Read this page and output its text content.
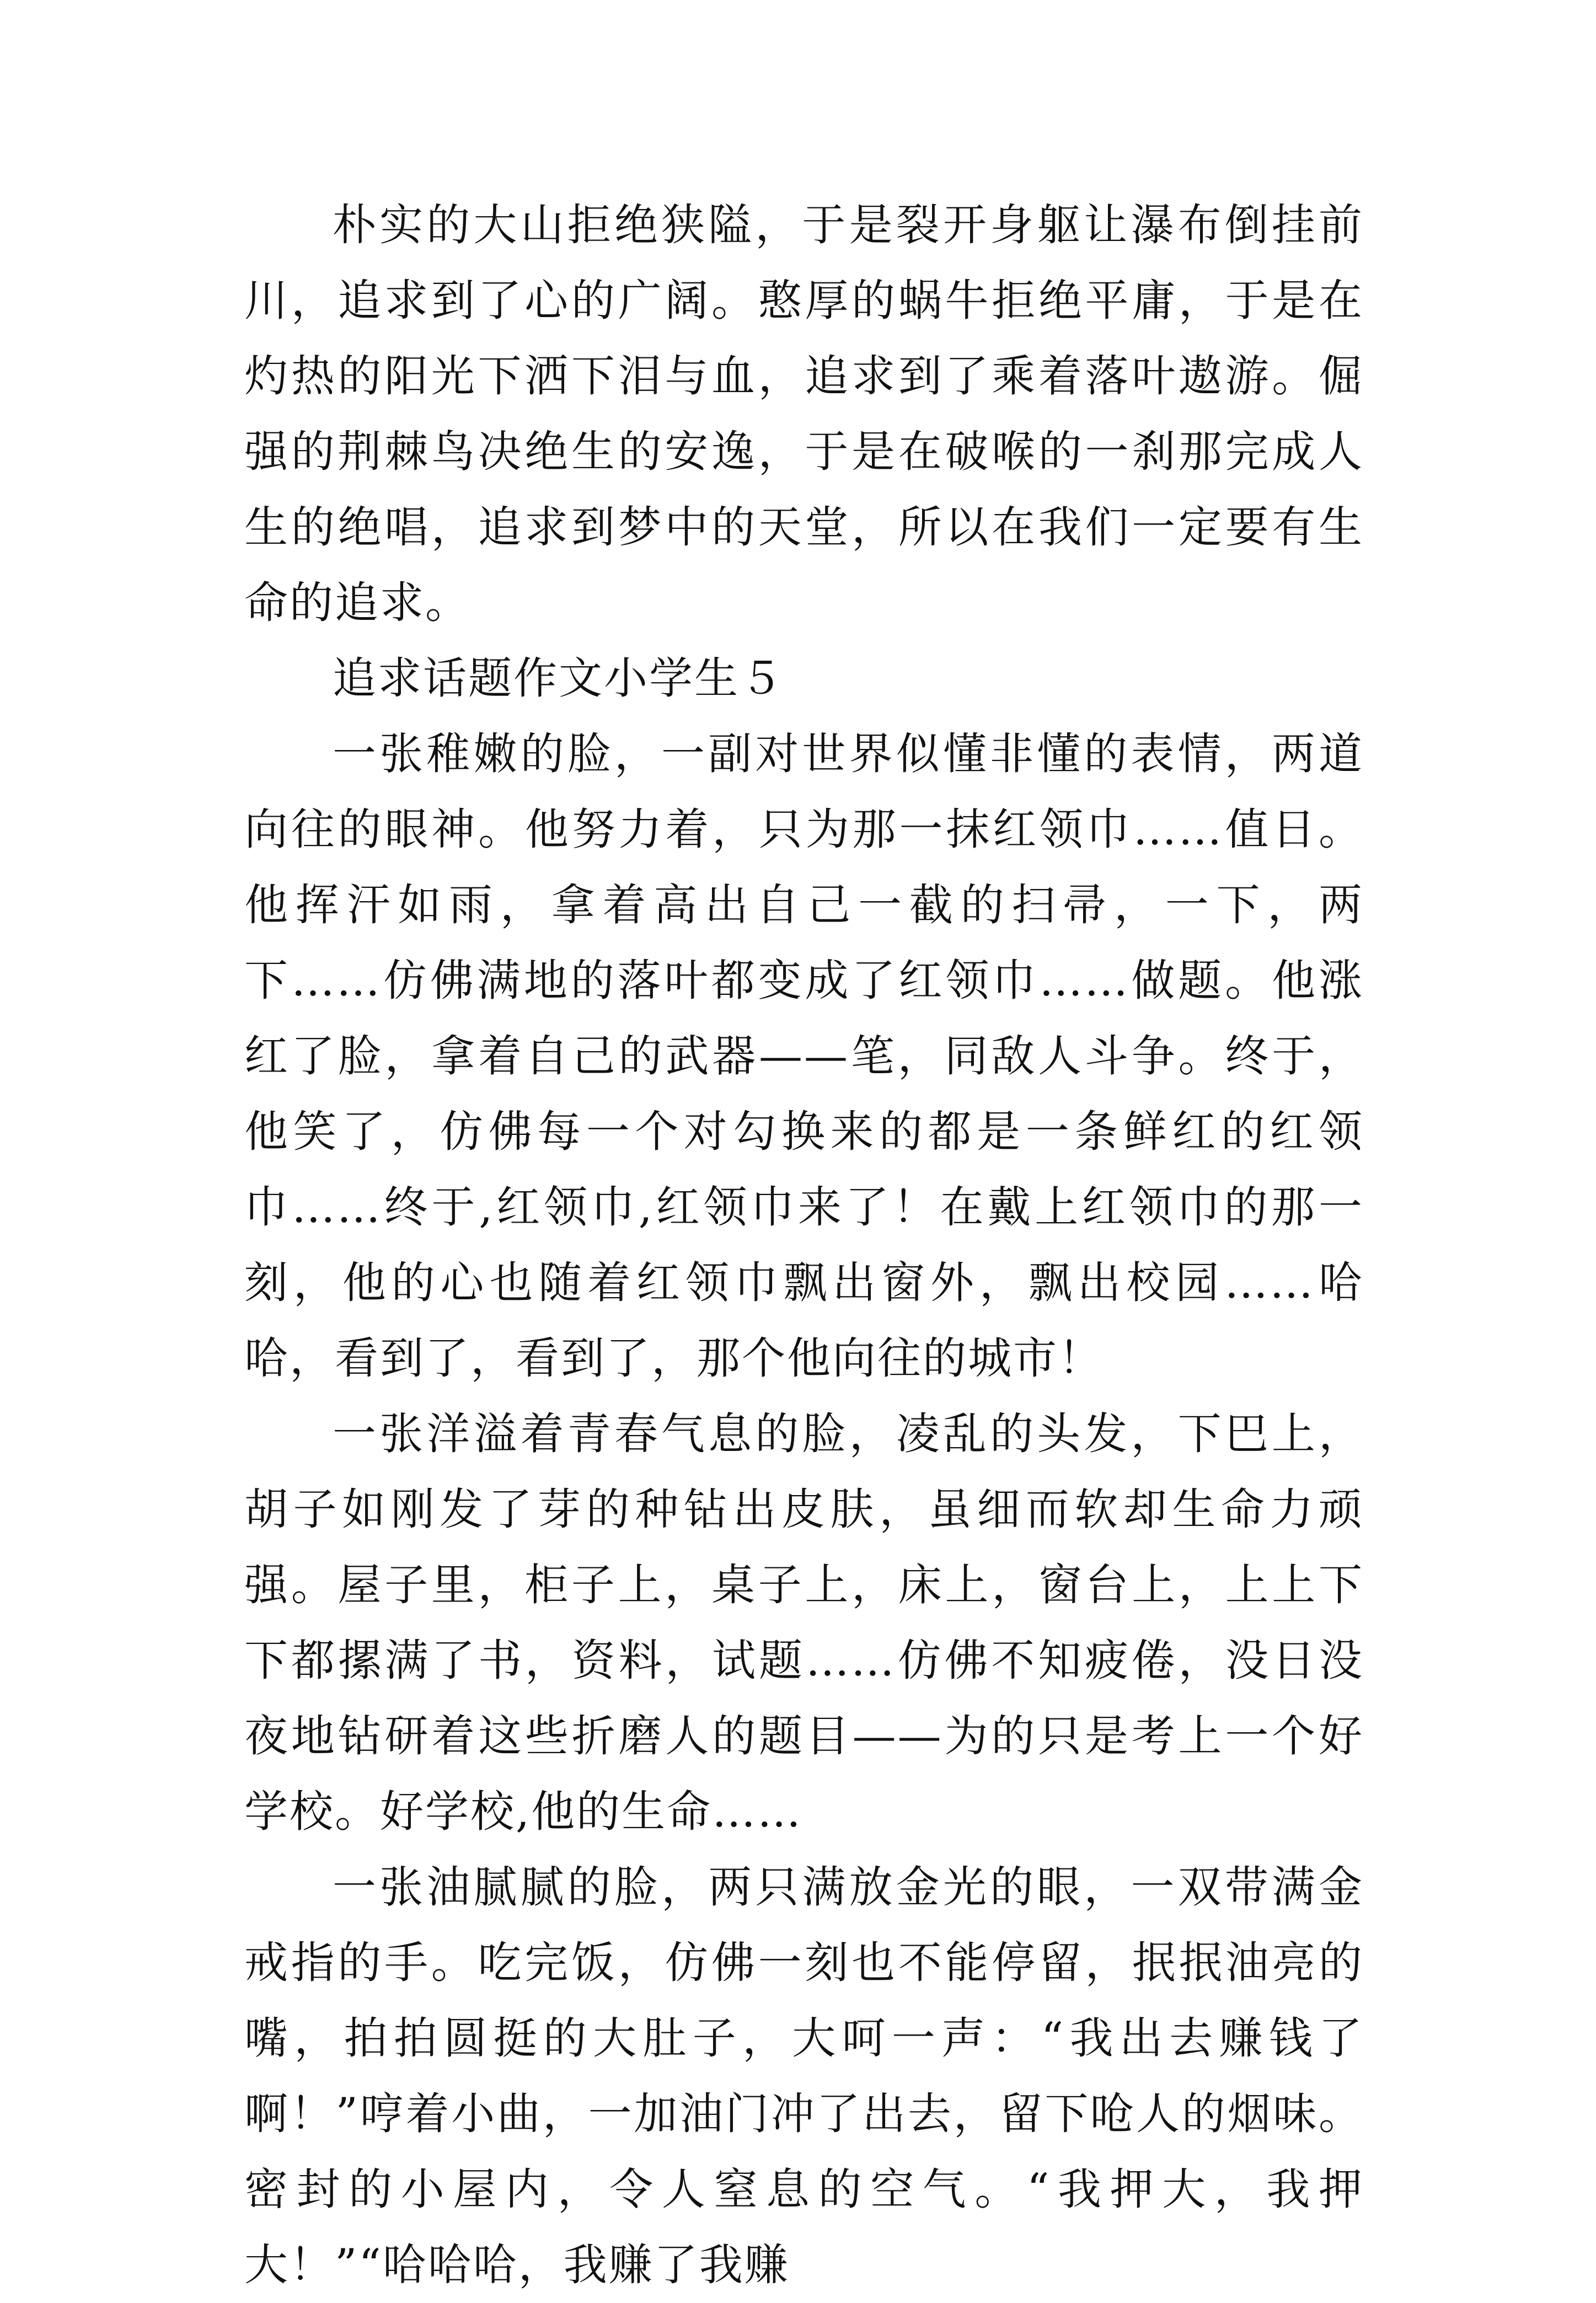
朴实的大山拒绝狭隘，于是裂开身躯让瀑布倒挂前川，追求到了心的广阔。憨厚的蜗牛拒绝平庸，于是在灼热的阳光下洒下泪与血，追求到了乘着落叶遨游。倔强的荆棘鸟决绝生的安逸，于是在破喉的一刹那完成人生的绝唱，追求到梦中的天堂，所以在我们一定要有生命的追求。

追求话题作文小学生５

一张稚嫩的脸，一副对世界似懂非懂的表情，两道向往的眼神。他努力着，只为那一抹红领巾……值日。他挥汗如雨，拿着高出自己一截的扫帚，一下，两下……仿佛满地的落叶都变成了红领巾……做题。他涨红了脸，拿着自己的武器——笔，同敌人斗争。终于，他笑了，仿佛每一个对勾换来的都是一条鲜红的红领巾……终于,红领巾,红领巾来了！在戴上红领巾的那一刻，他的心也随着红领巾飘出窗外，飘出校园……哈哈，看到了，看到了，那个他向往的城市！

一张洋溢着青春气息的脸，凌乱的头发，下巴上，胡子如刚发了芽的种钻出皮肤，虽细而软却生命力顽强。屋子里，柜子上，桌子上，床上，窗台上，上上下下都摞满了书，资料，试题……仿佛不知疲倦，没日没夜地钻研着这些折磨人的题目——为的只是考上一个好学校。好学校,他的生命……

一张油腻腻的脸，两只满放金光的眼，一双带满金戒指的手。吃完饭，仿佛一刻也不能停留，抿抿油亮的嘴，拍拍圆挺的大肚子，大呵一声：“我出去赚钱了啊！”哼着小曲，一加油门冲了出去，留下呛人的烟味。密封的小屋内，令人窒息的空气。“我押大，我押大！”“哈哈哈，我赚了我赚
